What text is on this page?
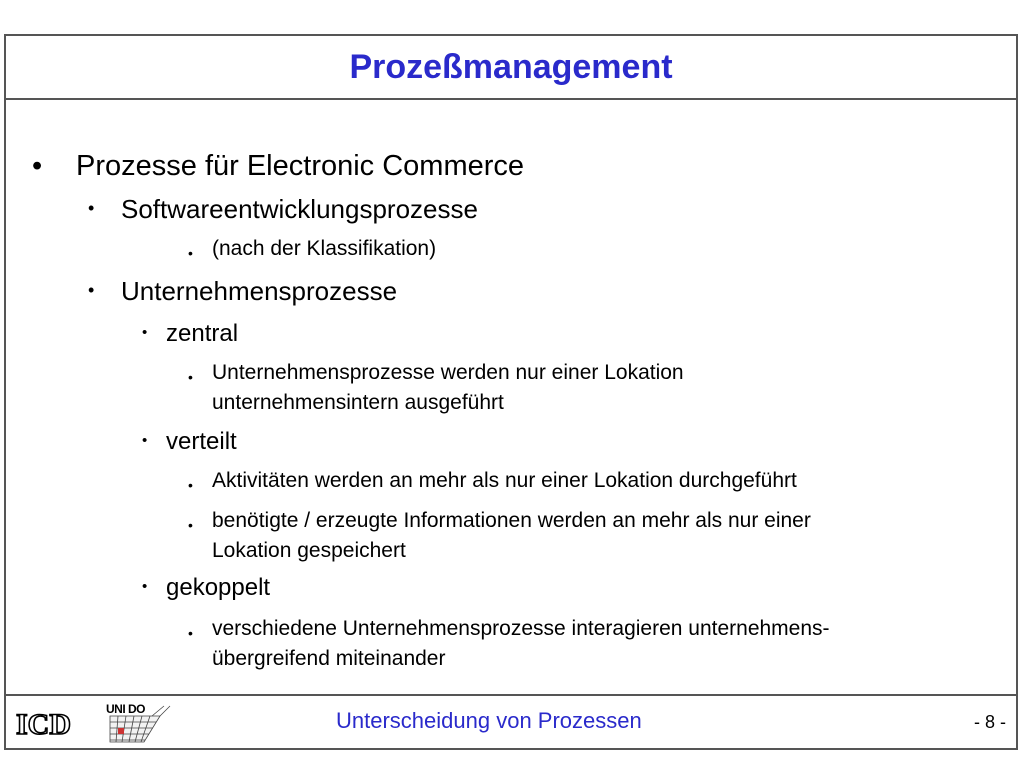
Prozeßmanagement
• Prozesse für Electronic Commerce
• Softwareentwicklungsprozesse
• (nach der Klassifikation)
• Unternehmensprozesse
• zentral
• Unternehmensprozesse werden nur einer Lokation
unternehmensintern ausgeführt
• verteilt
• Aktivitäten werden an mehr als nur einer Lokation durchgeführt
• benötigte / erzeugte Informationen werden an mehr als nur einer
Lokation gespeichert
• gekoppelt
• verschiedene Unternehmensprozesse interagieren unternehmens-
übergreifend miteinander
ICD	UNI DO	Unterscheidung von Prozessen	- 8 -
